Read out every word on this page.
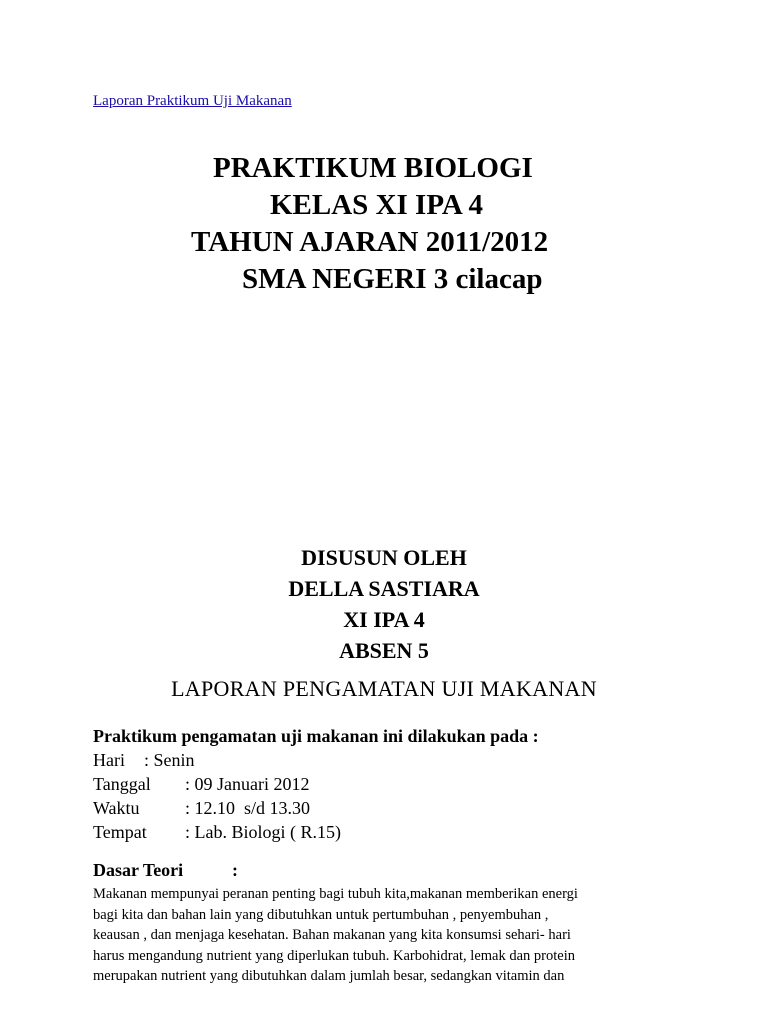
Laporan Praktikum Uji Makanan
PRAKTIKUM BIOLOGI
KELAS XI IPA 4
TAHUN AJARAN 2011/2012
SMA NEGERI 3 cilacap
DISUSUN OLEH
DELLA SASTIARA
XI IPA 4
ABSEN 5
LAPORAN PENGAMATAN UJI MAKANAN
Praktikum pengamatan uji makanan ini dilakukan pada :
Hari : Senin
Tanggal : 09 Januari 2012
Waktu	: 12.10  s/d 13.30
Tempat : Lab. Biologi ( R.15)
Dasar Teori	:
Makanan mempunyai peranan penting bagi tubuh kita,makanan memberikan energi
bagi kita dan bahan lain yang dibutuhkan untuk pertumbuhan , penyembuhan ,
keausan , dan menjaga kesehatan. Bahan makanan yang kita konsumsi sehari- hari
harus mengandung nutrient yang diperlukan tubuh. Karbohidrat, lemak dan protein
merupakan nutrient yang dibutuhkan dalam jumlah besar, sedangkan vitamin dan
